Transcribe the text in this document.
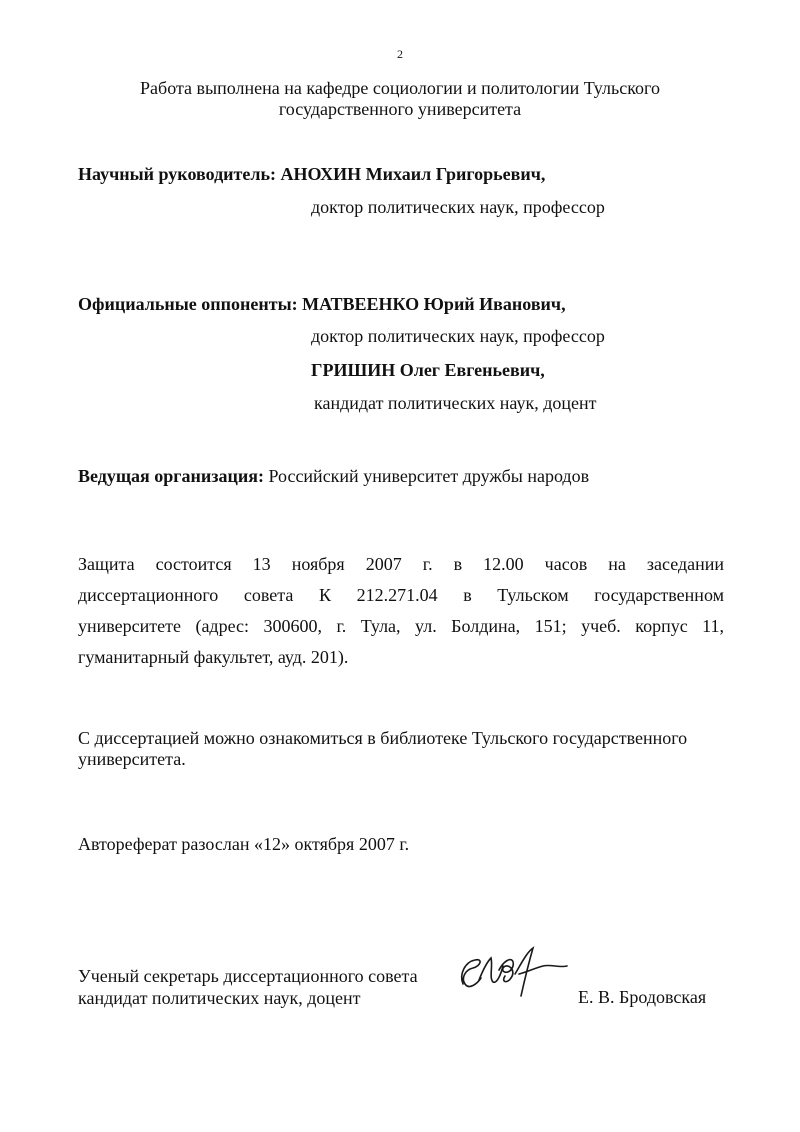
2
Работа выполнена на кафедре социологии и политологии Тульского
государственного университета
Научный руководитель: АНОХИН Михаил Григорьевич,
доктор политических наук, профессор
Официальные оппоненты: МАТВЕЕНКО Юрий Иванович,
доктор политических наук, профессор
ГРИШИН Олег Евгеньевич,
кандидат политических наук, доцент
Ведущая организация: Российский университет дружбы народов
Защита состоится 13 ноября 2007 г. в 12.00 часов на заседании
диссертационного совета К 212.271.04 в Тульском государственном
университете (адрес: 300600, г. Тула, ул. Болдина, 151; учеб. корпус 11,
гуманитарный факультет, ауд. 201).
С диссертацией можно ознакомиться в библиотеке Тульского государственного
университета.
Автореферат разослан «12» октября 2007 г.
Ученый секретарь диссертационного совета
кандидат политических наук, доцент	Е. В. Бродовская
